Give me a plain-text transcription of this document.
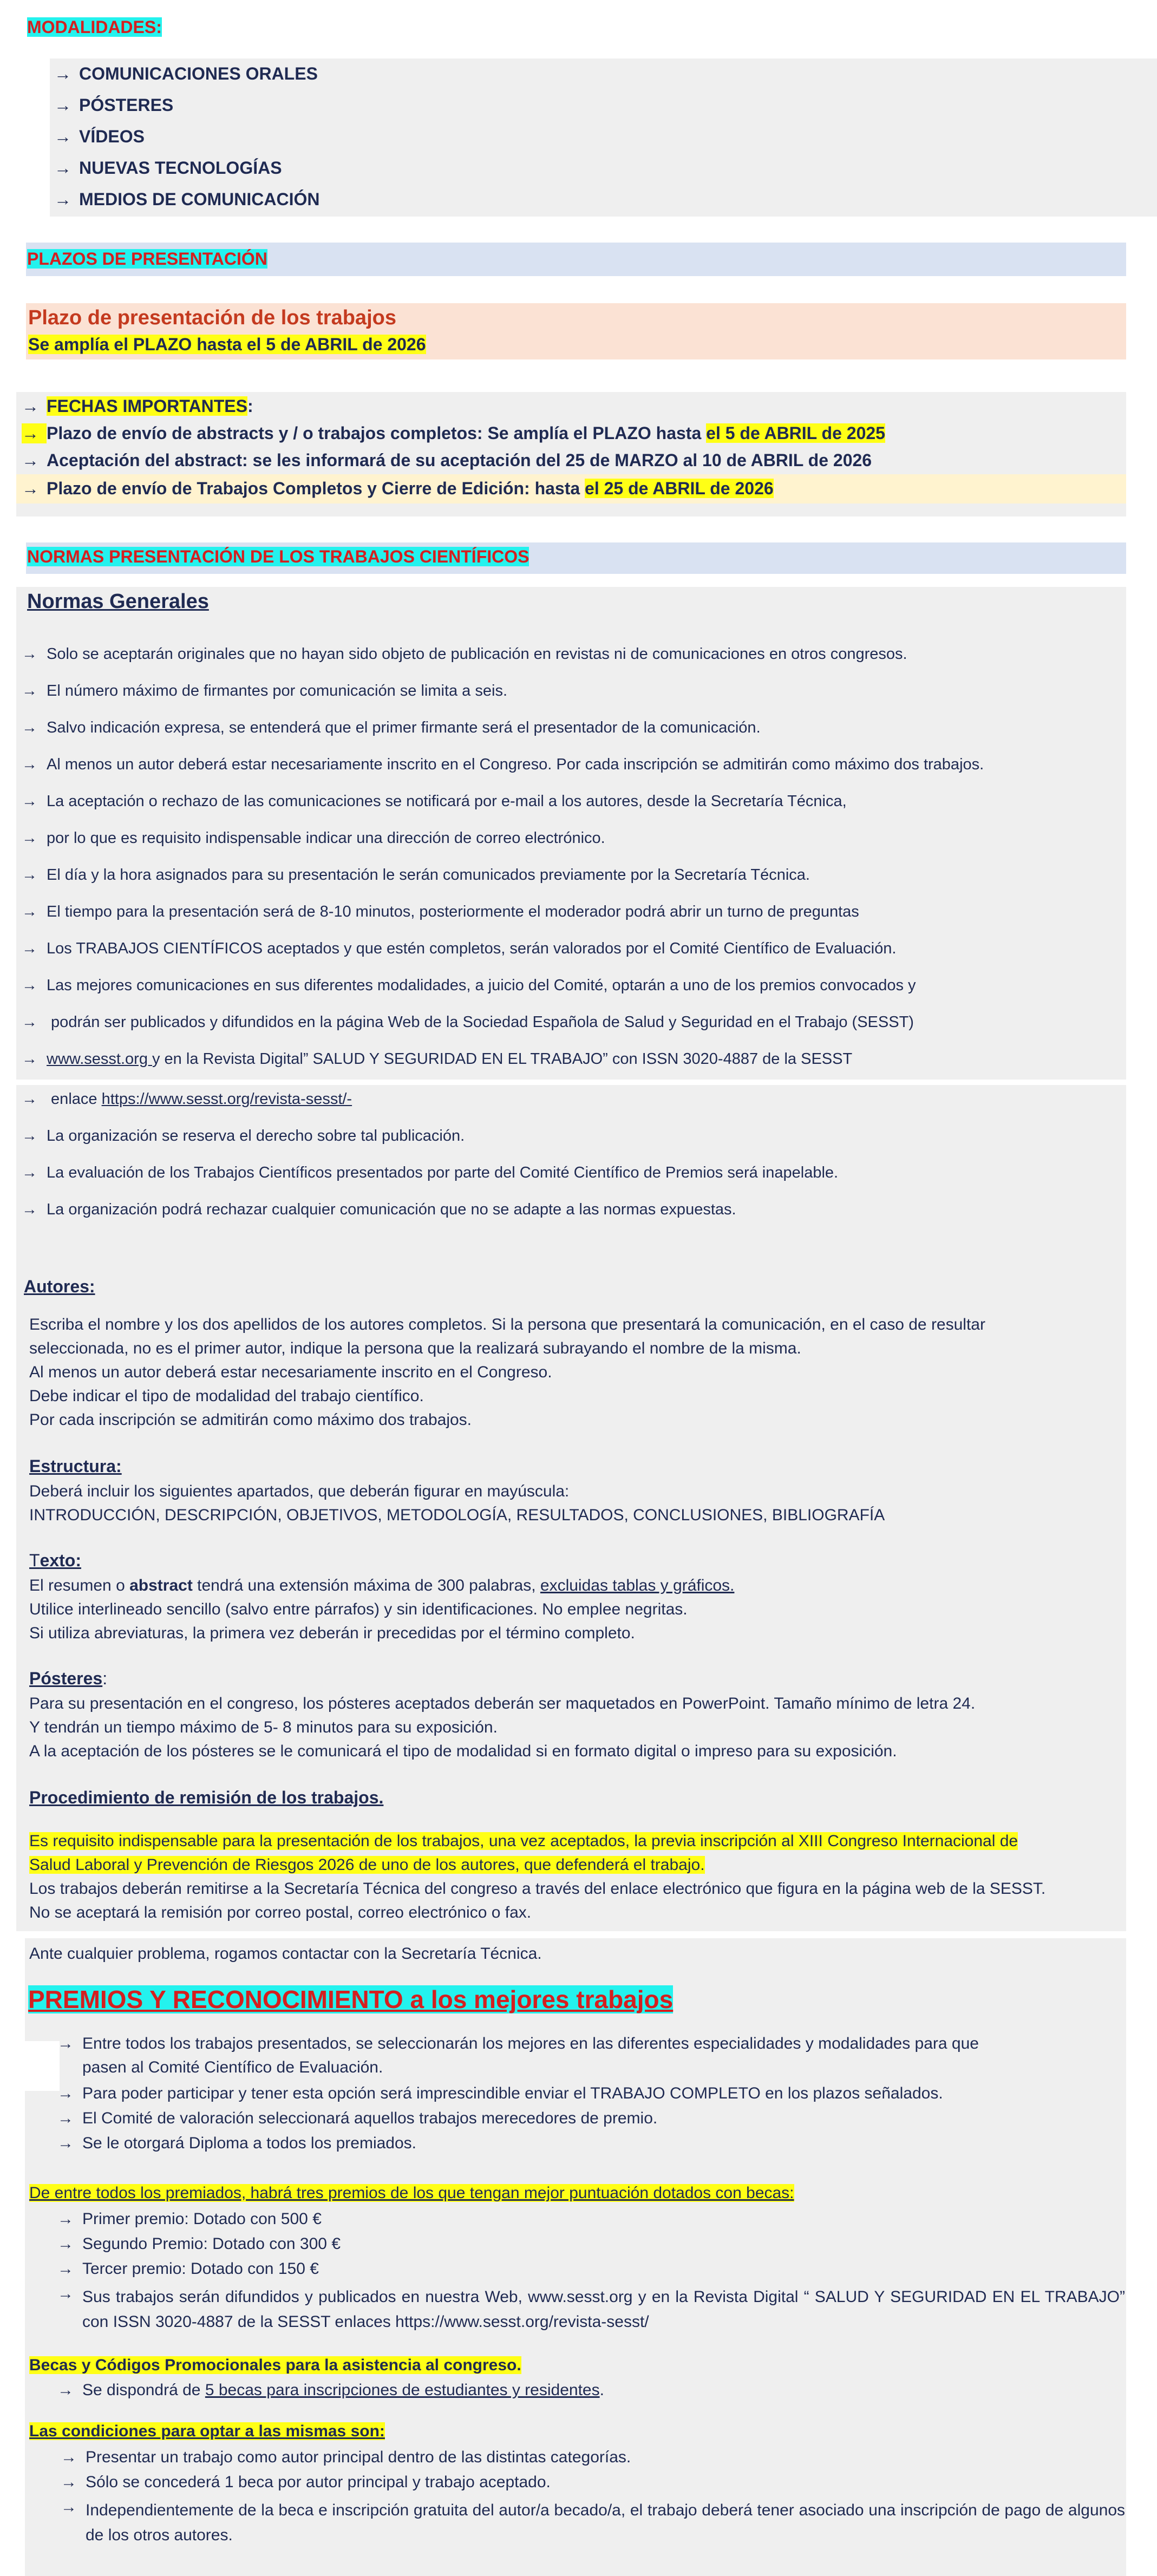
MODALIDADES:
→ COMUNICACIONES ORALES
→ PÓSTERES
→ VÍDEOS
→ NUEVAS TECNOLOGÍAS
→ MEDIOS DE COMUNICACIÓN
PLAZOS DE PRESENTACIÓN
Plazo de presentación de los trabajos
Se amplía el PLAZO hasta el 5 de ABRIL de 2026
→ FECHAS IMPORTANTES:
→ Plazo de envío de abstracts y / o trabajos completos: Se amplía el PLAZO hasta el 5 de ABRIL de 2025
→ Aceptación del abstract: se les informará de su aceptación del 25 de MARZO al 10 de ABRIL de 2026
→ Plazo de envío de Trabajos Completos y Cierre de Edición: hasta el 25 de ABRIL de 2026
NORMAS PRESENTACIÓN DE LOS TRABAJOS CIENTÍFICOS
Normas Generales
→ Solo se aceptarán originales que no hayan sido objeto de publicación en revistas ni de comunicaciones en otros congresos.
→ El número máximo de firmantes por comunicación se limita a seis.
→ Salvo indicación expresa, se entenderá que el primer firmante será el presentador de la comunicación.
→ Al menos un autor deberá estar necesariamente inscrito en el Congreso. Por cada inscripción se admitirán como máximo dos trabajos.
→ La aceptación o rechazo de las comunicaciones se notificará por e-mail a los autores, desde la Secretaría Técnica,
→ por lo que es requisito indispensable indicar una dirección de correo electrónico.
→ El día y la hora asignados para su presentación le serán comunicados previamente por la Secretaría Técnica.
→ El tiempo para la presentación será de 8-10 minutos, posteriormente el moderador podrá abrir un turno de preguntas
→ Los TRABAJOS CIENTÍFICOS aceptados y que estén completos, serán valorados por el Comité Científico de Evaluación.
→ Las mejores comunicaciones en sus diferentes modalidades, a juicio del Comité, optarán a uno de los premios convocados y
→ podrán ser publicados y difundidos en la página Web de la Sociedad Española de Salud y Seguridad en el Trabajo (SESST)
→ www.sesst.org y en la Revista Digital” SALUD Y SEGURIDAD EN EL TRABAJO” con ISSN 3020-4887 de la SESST
→ enlace https://www.sesst.org/revista-sesst/-
→ La organización se reserva el derecho sobre tal publicación.
→ La evaluación de los Trabajos Científicos presentados por parte del Comité Científico de Premios será inapelable.
→ La organización podrá rechazar cualquier comunicación que no se adapte a las normas expuestas.
Autores:
Escriba el nombre y los dos apellidos de los autores completos. Si la persona que presentará la comunicación, en el caso de resultar
seleccionada, no es el primer autor, indique la persona que la realizará subrayando el nombre de la misma.
Al menos un autor deberá estar necesariamente inscrito en el Congreso.
Debe indicar el tipo de modalidad del trabajo científico.
Por cada inscripción se admitirán como máximo dos trabajos.
Estructura:
Deberá incluir los siguientes apartados, que deberán figurar en mayúscula:
INTRODUCCIÓN, DESCRIPCIÓN, OBJETIVOS, METODOLOGÍA, RESULTADOS, CONCLUSIONES, BIBLIOGRAFÍA
Texto:
El resumen o abstract tendrá una extensión máxima de 300 palabras, excluidas tablas y gráficos.
Utilice interlineado sencillo (salvo entre párrafos) y sin identificaciones. No emplee negritas.
Si utiliza abreviaturas, la primera vez deberán ir precedidas por el término completo.
Pósteres:
Para su presentación en el congreso, los pósteres aceptados deberán ser maquetados en PowerPoint. Tamaño mínimo de letra 24.
Y tendrán un tiempo máximo de 5- 8 minutos para su exposición.
A la aceptación de los pósteres se le comunicará el tipo de modalidad si en formato digital o impreso para su exposición.
Procedimiento de remisión de los trabajos.
Es requisito indispensable para la presentación de los trabajos, una vez aceptados, la previa inscripción al XIII Congreso Internacional de
Salud Laboral y Prevención de Riesgos 2026 de uno de los autores, que defenderá el trabajo.
Los trabajos deberán remitirse a la Secretaría Técnica del congreso a través del enlace electrónico que figura en la página web de la SESST.
No se aceptará la remisión por correo postal, correo electrónico o fax.
Ante cualquier problema, rogamos contactar con la Secretaría Técnica.
PREMIOS Y RECONOCIMIENTO a los mejores trabajos
→ Entre todos los trabajos presentados, se seleccionarán los mejores en las diferentes especialidades y modalidades para que
pasen al Comité Científico de Evaluación.
→ Para poder participar y tener esta opción será imprescindible enviar el TRABAJO COMPLETO en los plazos señalados.
→ El Comité de valoración seleccionará aquellos trabajos merecedores de premio.
→ Se le otorgará Diploma a todos los premiados.
De entre todos los premiados, habrá tres premios de los que tengan mejor puntuación dotados con becas:
→ Primer premio: Dotado con 500 €
→ Segundo Premio: Dotado con 300 €
→ Tercer premio: Dotado con 150 €
→ Sus trabajos serán difundidos y publicados en nuestra Web, www.sesst.org y en la Revista Digital “ SALUD Y SEGURIDAD EN EL TRABAJO” con ISSN 3020-4887 de la SESST enlaces https://www.sesst.org/revista-sesst/
Becas y Códigos Promocionales para la asistencia al congreso.
→ Se dispondrá de 5 becas para inscripciones de estudiantes y residentes.
Las condiciones para optar a las mismas son:
→ Presentar un trabajo como autor principal dentro de las distintas categorías.
→ Sólo se concederá 1 beca por autor principal y trabajo aceptado.
→ Independientemente de la beca e inscripción gratuita del autor/a becado/a, el trabajo deberá tener asociado una inscripción de pago de algunos de los otros autores.
